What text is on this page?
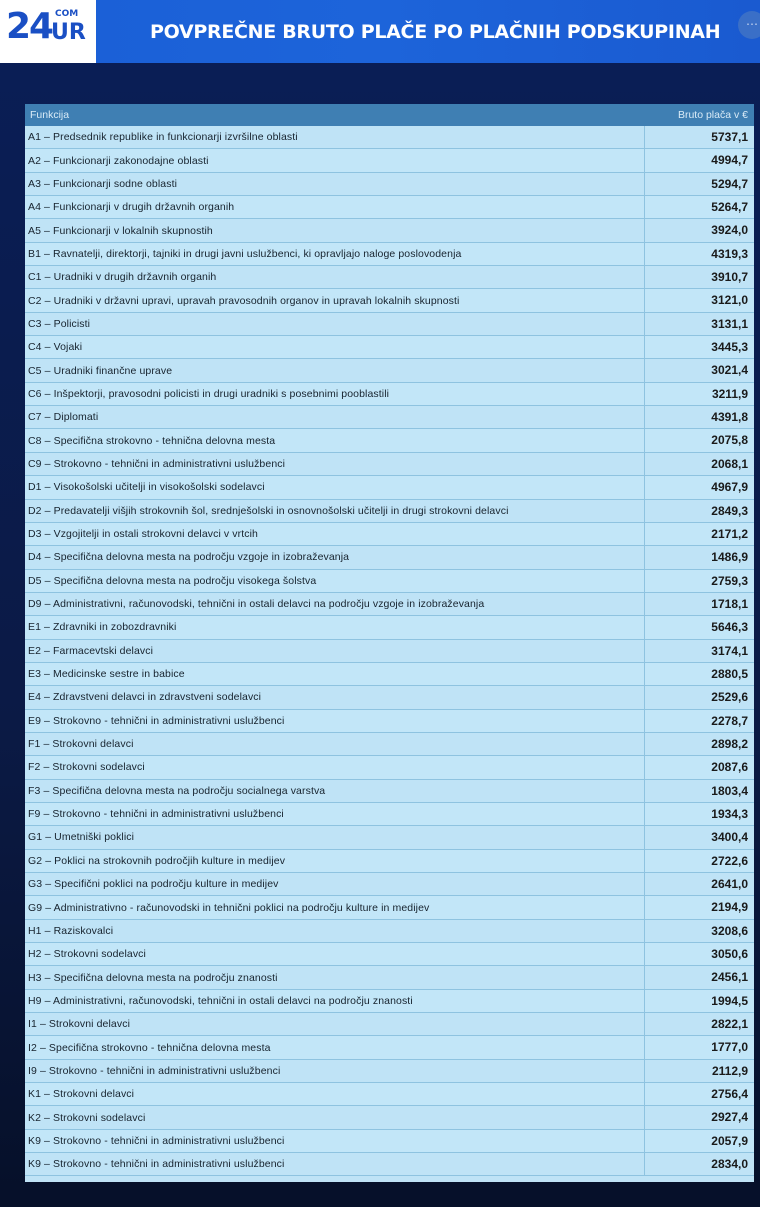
24 COM
UR	POVPREČNE BRUTO PLAČE PO PLAČNIH PODSKUPINAH	⋯
Funkcija	Bruto plača v €
A1 – Predsednik republike in funkcionarji izvršilne oblasti	5737,1
A2 – Funkcionarji zakonodajne oblasti	4994,7
A3 – Funkcionarji sodne oblasti	5294,7
A4 – Funkcionarji v drugih državnih organih	5264,7
A5 – Funkcionarji v lokalnih skupnostih	3924,0
B1 – Ravnatelji, direktorji, tajniki in drugi javni uslužbenci, ki opravljajo naloge poslovodenja	4319,3
C1 – Uradniki v drugih državnih organih	3910,7
C2 – Uradniki v državni upravi, upravah pravosodnih organov in upravah lokalnih skupnosti	3121,0
C3 – Policisti	3131,1
C4 – Vojaki	3445,3
C5 – Uradniki finančne uprave	3021,4
C6 – Inšpektorji, pravosodni policisti in drugi uradniki s posebnimi pooblastili	3211,9
C7 – Diplomati	4391,8
C8 – Specifična strokovno - tehnična delovna mesta	2075,8
C9 – Strokovno - tehnični in administrativni uslužbenci	2068,1
D1 – Visokošolski učitelji in visokošolski sodelavci	4967,9
D2 – Predavatelji višjih strokovnih šol, srednješolski in osnovnošolski učitelji in drugi strokovni delavci	2849,3
D3 – Vzgojitelji in ostali strokovni delavci v vrtcih	2171,2
D4 – Specifična delovna mesta na področju vzgoje in izobraževanja	1486,9
D5 – Specifična delovna mesta na področju visokega šolstva	2759,3
D9 – Administrativni, računovodski, tehnični in ostali delavci na področju vzgoje in izobraževanja	1718,1
E1 – Zdravniki in zobozdravniki	5646,3
E2 – Farmacevtski delavci	3174,1
E3 – Medicinske sestre in babice	2880,5
E4 – Zdravstveni delavci in zdravstveni sodelavci	2529,6
E9 – Strokovno - tehnični in administrativni uslužbenci	2278,7
F1 – Strokovni delavci	2898,2
F2 – Strokovni sodelavci	2087,6
F3 – Specifična delovna mesta na področju socialnega varstva	1803,4
F9 – Strokovno - tehnični in administrativni uslužbenci	1934,3
G1 – Umetniški poklici	3400,4
G2 – Poklici na strokovnih področjih kulture in medijev	2722,6
G3 – Specifični poklici na področju kulture in medijev	2641,0
G9 – Administrativno - računovodski in tehnični poklici na področju kulture in medijev	2194,9
H1 – Raziskovalci	3208,6
H2 – Strokovni sodelavci	3050,6
H3 – Specifična delovna mesta na področju znanosti	2456,1
H9 – Administrativni, računovodski, tehnični in ostali delavci na področju znanosti	1994,5
I1 – Strokovni delavci	2822,1
I2 – Specifična strokovno - tehnična delovna mesta	1777,0
I9 – Strokovno - tehnični in administrativni uslužbenci	2112,9
K1 – Strokovni delavci	2756,4
K2 – Strokovni sodelavci	2927,4
K9 – Strokovno - tehnični in administrativni uslužbenci	2057,9
K9 – Strokovno - tehnični in administrativni uslužbenci	2834,0
